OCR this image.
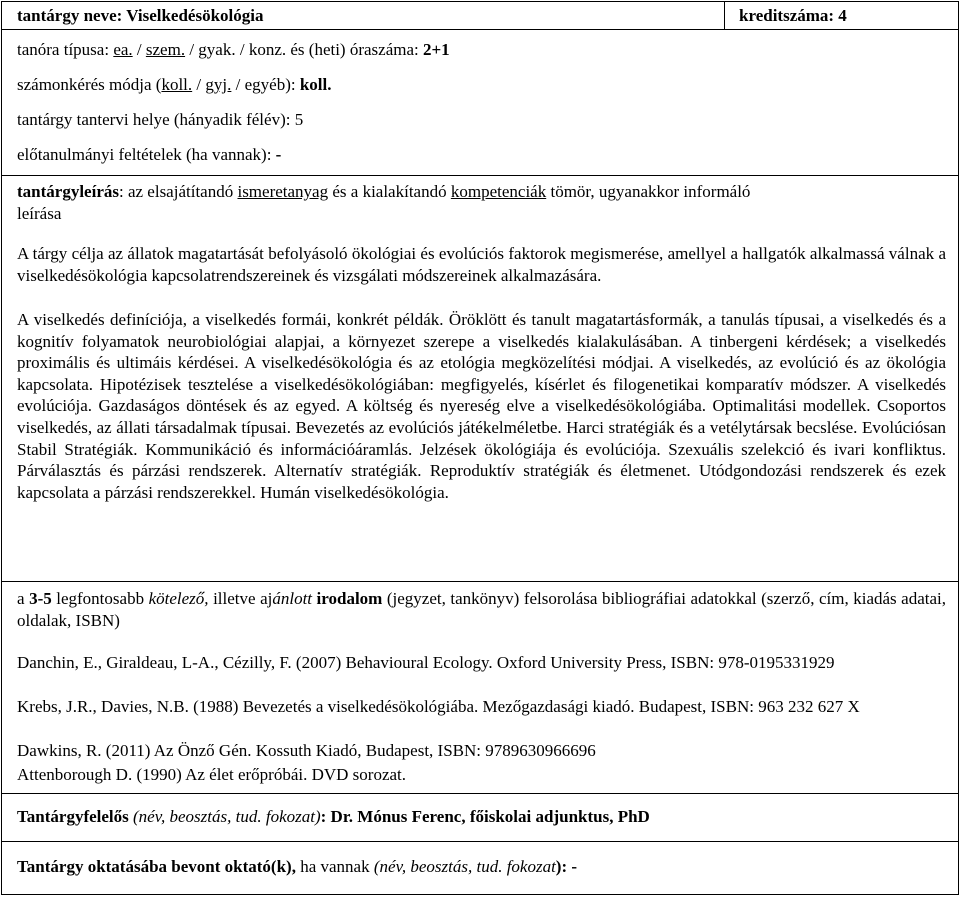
tantárgy neve: Viselkedésökológia	kreditszáma: 4
tanóra típusa: ea. / szem. / gyak. / konz. és (heti) óraszáma: 2+1
számonkérés módja (koll. / gyj. / egyéb): koll.
tantárgy tantervi helye (hányadik félév): 5
előtanulmányi feltételek (ha vannak): -
tantárgyleírás: az elsajátítandó ismeretanyag és a kialakítandó kompetenciák tömör, ugyanakkor informáló
leírása
A tárgy célja az állatok magatartását befolyásoló ökológiai és evolúciós faktorok megismerése, amellyel a hallgatók alkalmassá válnak a viselkedésökológia kapcsolatrendszereinek és vizsgálati módszereinek alkalmazására.
A viselkedés definíciója, a viselkedés formái, konkrét példák. Öröklött és tanult magatartásformák, a tanulás típusai, a viselkedés és a kognitív folyamatok neurobiológiai alapjai, a környezet szerepe a viselkedés kialakulásában. A tinbergeni kérdések; a viselkedés proximális és ultimáis kérdései. A viselkedésökológia és az etológia megközelítési módjai. A viselkedés, az evolúció és az ökológia kapcsolata. Hipotézisek tesztelése a viselkedésökológiában: megfigyelés, kísérlet és filogenetikai komparatív módszer. A viselkedés evolúciója. Gazdaságos döntések és az egyed. A költség és nyereség elve a viselkedésökológiába. Optimalitási modellek. Csoportos viselkedés, az állati társadalmak típusai. Bevezetés az evolúciós játékelméletbe. Harci stratégiák és a vetélytársak becslése. Evolúciósan Stabil Stratégiák. Kommunikáció és információáramlás. Jelzések ökológiája és evolúciója. Szexuális szelekció és ivari konfliktus. Párválasztás és párzási rendszerek. Alternatív stratégiák. Reproduktív stratégiák és életmenet. Utódgondozási rendszerek és ezek kapcsolata a párzási rendszerekkel. Humán viselkedésökológia.
a 3-5 legfontosabb kötelező, illetve ajánlott irodalom (jegyzet, tankönyv) felsorolása bibliográfiai adatokkal (szerző, cím, kiadás adatai, oldalak, ISBN)
Danchin, E., Giraldeau, L-A., Cézilly, F. (2007) Behavioural Ecology. Oxford University Press, ISBN: 978-0195331929
Krebs, J.R., Davies, N.B. (1988) Bevezetés a viselkedésökológiába. Mezőgazdasági kiadó. Budapest, ISBN: 963 232 627 X
Dawkins, R. (2011) Az Önző Gén. Kossuth Kiadó, Budapest, ISBN: 9789630966696
Attenborough D. (1990) Az élet erőpróbái. DVD sorozat.
Tantárgyfelelős (név, beosztás, tud. fokozat): Dr. Mónus Ferenc, főiskolai adjunktus, PhD
Tantárgy oktatásába bevont oktató(k), ha vannak (név, beosztás, tud. fokozat): -
